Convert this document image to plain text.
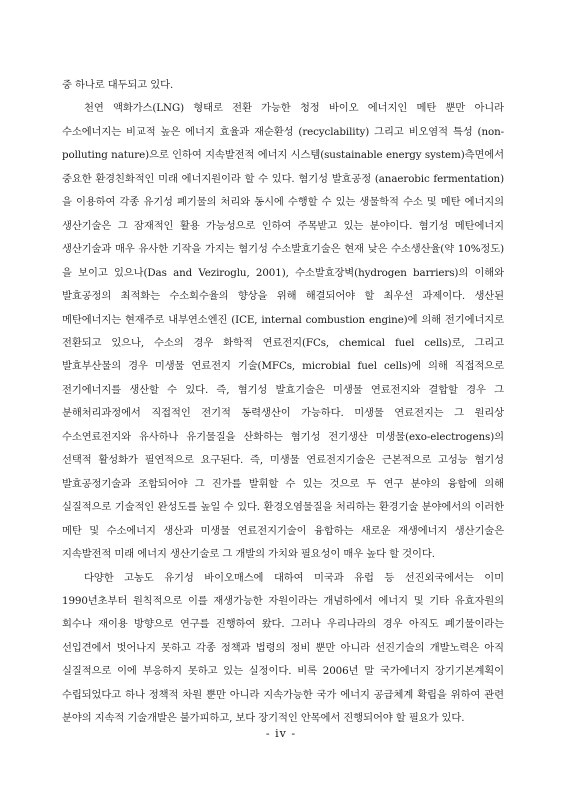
중 하나로 대두되고 있다.

천연 액화가스(LNG) 형태로 전환 가능한 청정 바이오 에너지인 메탄 뿐만 아니라 수소에너지는 비교적 높은 에너지 효율과 재순환성 (recyclability) 그리고 비오염적 특성 (non-polluting nature)으로 인하여 지속발전적 에너지 시스템(sustainable energy system)측면에서 중요한 환경친화적인 미래 에너지원이라 할 수 있다. 혐기성 발효공정 (anaerobic fermentation)을 이용하여 각종 유기성 폐기물의 처리와 동시에 수행할 수 있는 생물학적 수소 및 메탄 에너지의 생산기술은 그 잠재적인 활용 가능성으로 인하여 주목받고 있는 분야이다. 혐기성 메탄에너지 생산기술과 매우 유사한 기작을 가지는 혐기성 수소발효기술은 현재 낮은 수소생산율(약 10%정도)을 보이고 있으나(Das and Veziroglu, 2001), 수소발효장벽(hydrogen barriers)의 이해와 발효공정의 최적화는 수소회수율의 향상을 위해 해결되어야 할 최우선 과제이다. 생산된 메탄에너지는 현재주로 내부연소엔진 (ICE, internal combustion engine)에 의해 전기에너지로 전환되고 있으나, 수소의 경우 화학적 연료전지(FCs, chemical fuel cells)로, 그리고 발효부산물의 경우 미생물 연료전지 기술(MFCs, microbial fuel cells)에 의해 직접적으로 전기에너지를 생산할 수 있다. 즉, 혐기성 발효기술은 미생물 연료전지와 결합할 경우 그 분해처리과정에서 직접적인 전기적 동력생산이 가능하다. 미생물 연료전지는 그 원리상 수소연료전지와 유사하나 유기물질을 산화하는 혐기성 전기생산 미생물(exo-electrogens)의 선택적 활성화가 필연적으로 요구된다. 즉, 미생물 연료전지기술은 근본적으로 고성능 혐기성 발효공정기술과 조합되어야 그 진가를 발휘할 수 있는 것으로 두 연구 분야의 융합에 의해 실질적으로 기술적인 완성도를 높일 수 있다. 환경오염물질을 처리하는 환경기술 분야에서의 이러한 메탄 및 수소에너지 생산과 미생물 연료전지기술이 융합하는 새로운 재생에너지 생산기술은 지속발전적 미래 에너지 생산기술로 그 개발의 가치와 필요성이 매우 높다 할 것이다.

다양한 고농도 유기성 바이오매스에 대하여 미국과 유럽 등 선진외국에서는 이미 1990년초부터 원칙적으로 이를 재생가능한 자원이라는 개념하에서 에너지 및 기타 유효자원의 회수나 재이용 방향으로 연구를 진행하여 왔다. 그러나 우리나라의 경우 아직도 폐기물이라는 선입견에서 벗어나지 못하고 각종 정책과 법령의 정비 뿐만 아니라 선진기술의 개발노력은 아직 실질적으로 이에 부응하지 못하고 있는 실정이다. 비록 2006년 말 국가에너지 장기기본계획이 수립되었다고 하나 정책적 차원 뿐만 아니라 지속가능한 국가 에너지 공급체계 확립을 위하여 관련 분야의 지속적 기술개발은 불가피하고, 보다 장기적인 안목에서 진행되어야 할 필요가 있다.

- iv -
